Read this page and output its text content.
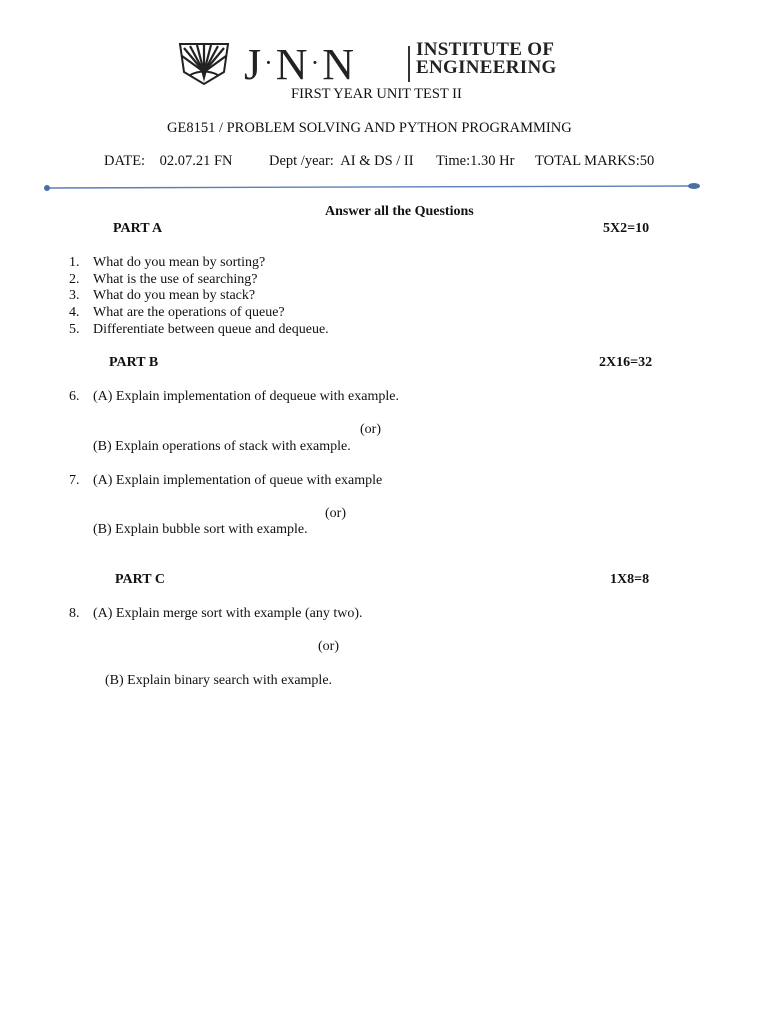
J·N·N	INSTITUTE OF
ENGINEERING
FIRST YEAR UNIT TEST II
GE8151 / PROBLEM SOLVING AND PYTHON PROGRAMMING
DATE:    02.07.21 FN	Dept /year:  AI & DS / II Time:1.30 Hr TOTAL MARKS:50
Answer all the Questions
PART A	5X2=10
1. What do you mean by sorting?
2. What is the use of searching?
3. What do you mean by stack?
4. What are the operations of queue?
5. Differentiate between queue and dequeue.
PART B	2X16=32
6. (A) Explain implementation of dequeue with example.
(or)
(B) Explain operations of stack with example.
7. (A) Explain implementation of queue with example
(or)
(B) Explain bubble sort with example.
PART C	1X8=8
8. (A) Explain merge sort with example (any two).
(or)
(B) Explain binary search with example.
